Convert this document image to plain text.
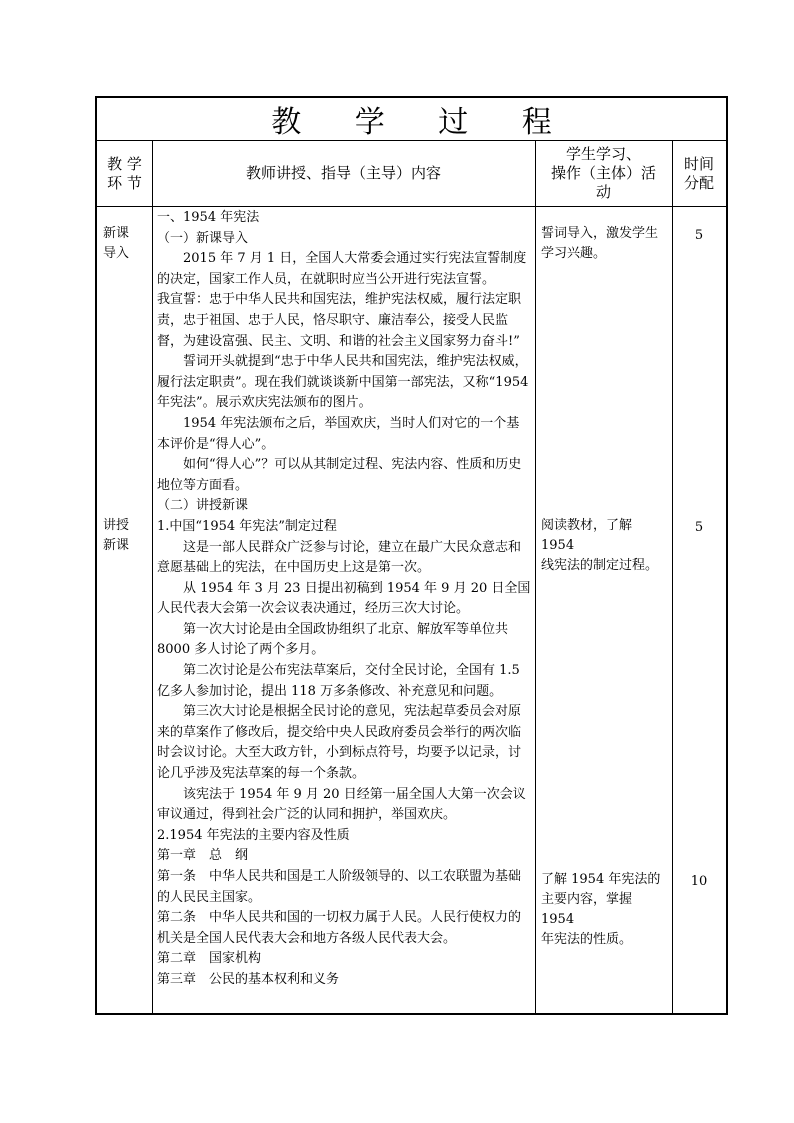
教 学 过 程
教 学
环 节
教师讲授、指导（主导）内容
学生学习、
操作（主体）活
动
时间
分配
新课
导入
讲授
新课
誓词导入，激发学生
学习兴趣。
阅读教材，了解 1954
线宪法的制定过程。
了解 1954 年宪法的
主要内容，掌握 1954
年宪法的性质。
5
5
10

一、1954 年宪法

（一）新课导入

2015 年 7 月 1 日，全国人大常委会通过实行宪法宣誓制度的决定，国家工作人员，在就职时应当公开进行宪法宣誓。

我宣誓：忠于中华人民共和国宪法，维护宪法权威，履行法定职责，忠于祖国、忠于人民，恪尽职守、廉洁奉公，接受人民监督，为建设富强、民主、文明、和谐的社会主义国家努力奋斗!”

誓词开头就提到“忠于中华人民共和国宪法，维护宪法权威，履行法定职责”。现在我们就谈谈新中国第一部宪法，又称“1954 年宪法”。展示欢庆宪法颁布的图片。

1954 年宪法颁布之后，举国欢庆，当时人们对它的一个基本评价是“得人心”。

如何“得人心”？可以从其制定过程、宪法内容、性质和历史地位等方面看。

（二）讲授新课

1.中国“1954 年宪法”制定过程

这是一部人民群众广泛参与讨论，建立在最广大民众意志和意愿基础上的宪法，在中国历史上这是第一次。

从 1954 年 3 月 23 日提出初稿到 1954 年 9 月 20 日全国人民代表大会第一次会议表决通过，经历三次大讨论。

第一次大讨论是由全国政协组织了北京、解放军等单位共 8000 多人讨论了两个多月。

第二次讨论是公布宪法草案后，交付全民讨论，全国有 1.5 亿多人参加讨论，提出 118 万多条修改、补充意见和问题。

第三次大讨论是根据全民讨论的意见，宪法起草委员会对原来的草案作了修改后，提交给中央人民政府委员会举行的两次临时会议讨论。大至大政方针，小到标点符号，均要予以记录，讨论几乎涉及宪法草案的每一个条款。

该宪法于 1954 年 9 月 20 日经第一届全国人大第一次会议审议通过，得到社会广泛的认同和拥护，举国欢庆。

2.1954 年宪法的主要内容及性质

第一章　总　纲

第一条　中华人民共和国是工人阶级领导的、以工农联盟为基础的人民民主国家。

第二条　中华人民共和国的一切权力属于人民。人民行使权力的机关是全国人民代表大会和地方各级人民代表大会。

第二章　国家机构

第三章　公民的基本权利和义务
